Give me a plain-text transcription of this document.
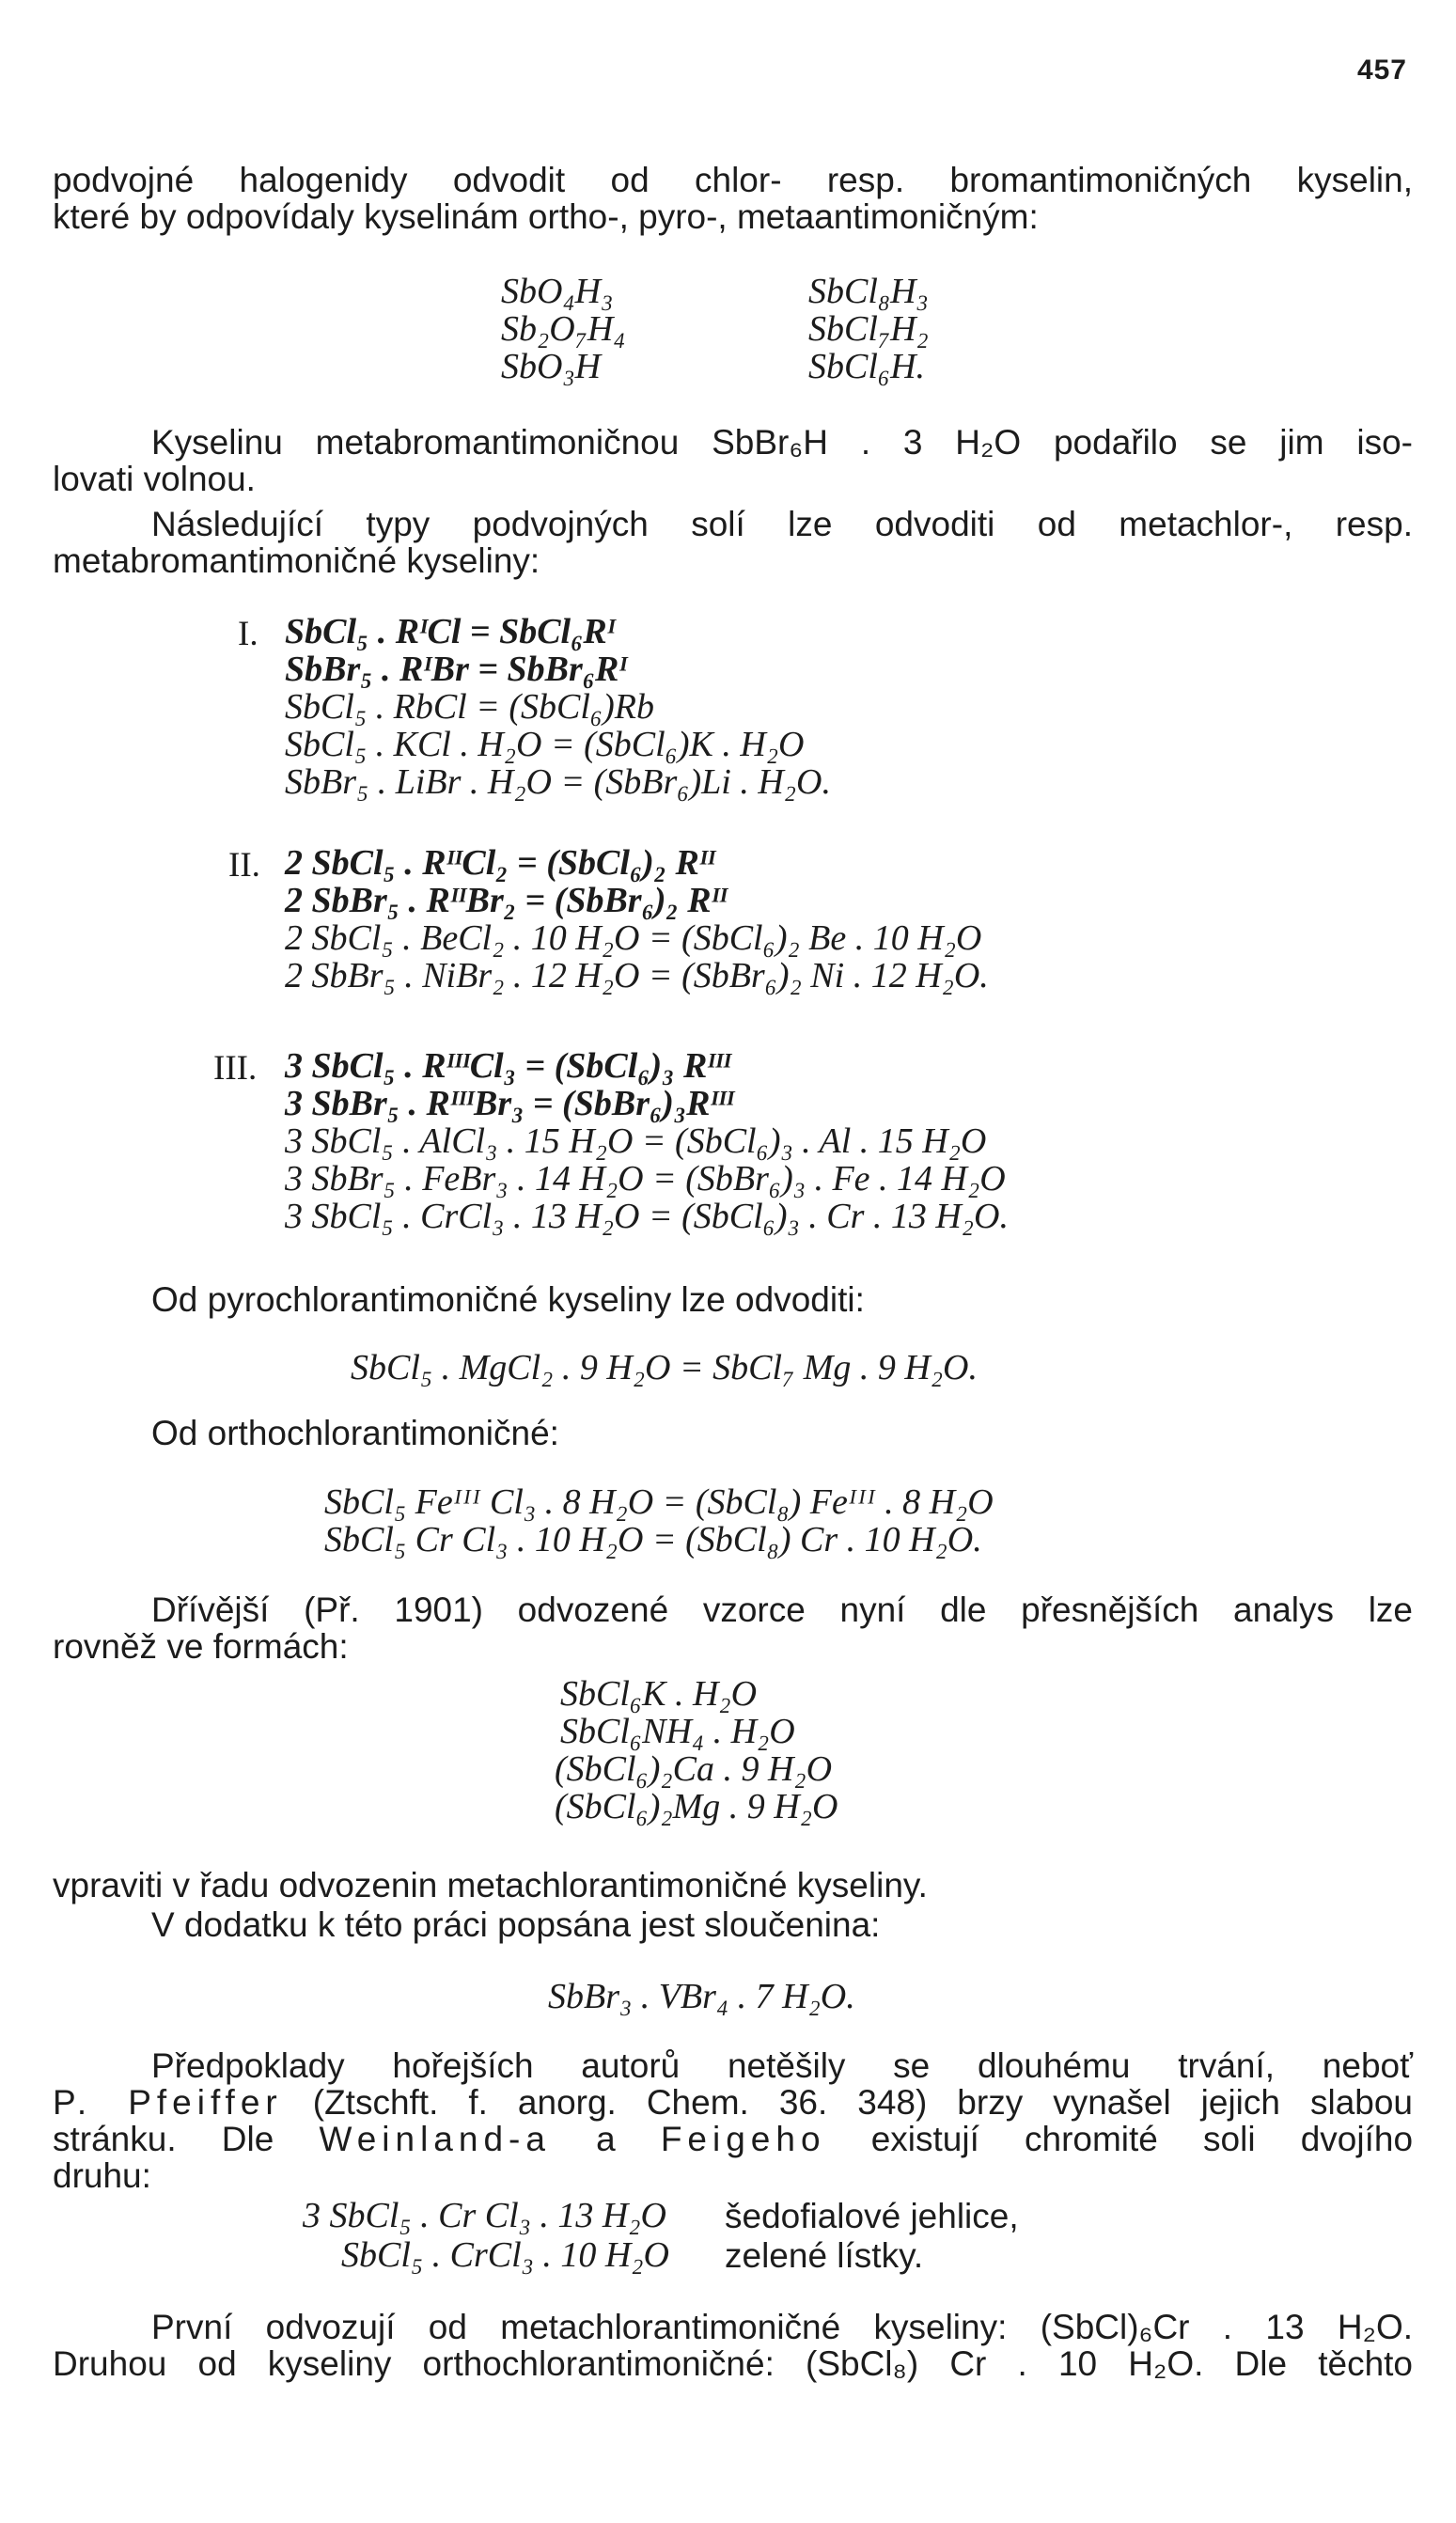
457
podvojné halogenidy odvodit od chlor- resp. bromantimoničných kyselin,
které by odpovídaly kyselinám ortho-, pyro-, metaantimoničným:
SbO₄H₃
Sb₂O₇H₄
SbO₃H
SbCl₈H₃
SbCl₇H₂
SbCl₆H.
Kyselinu metabromantimoničnou SbBr₆H . 3 H₂O podařilo se jim iso-
lovati volnou.
Následující typy podvojných solí lze odvoditi od metachlor-, resp.
metabromantimoničné kyseliny:
I. SbCl₅ . RᴵCl = SbCl₆Rᴵ
SbBr₅ . RᴵBr = SbBr₆Rᴵ
SbCl₅ . RbCl = (SbCl₆)Rb
SbCl₅ . KCl . H₂O = (SbCl₆)K . H₂O
SbBr₅ . LiBr . H₂O = (SbBr₆)Li . H₂O.
II. 2 SbCl₅ . RᴵᴵCl₂ = (SbCl₆)₂ Rᴵᴵ
2 SbBr₅ . RᴵᴵBr₂ = (SbBr₆)₂ Rᴵᴵ
2 SbCl₅ . BeCl₂ . 10 H₂O = (SbCl₆)₂ Be . 10 H₂O
2 SbBr₅ . NiBr₂ . 12 H₂O = (SbBr₆)₂ Ni . 12 H₂O.
III. 3 SbCl₅ . RᴵᴵᴵCl₃ = (SbCl₆)₃ Rᴵᴵᴵ
3 SbBr₅ . RᴵᴵᴵBr₃ = (SbBr₆)₃Rᴵᴵᴵ
3 SbCl₅ . AlCl₃ . 15 H₂O = (SbCl₆)₃ . Al . 15 H₂O
3 SbBr₅ . FeBr₃ . 14 H₂O = (SbBr₆)₃ . Fe . 14 H₂O
3 SbCl₅ . CrCl₃ . 13 H₂O = (SbCl₆)₃ . Cr . 13 H₂O.
Od pyrochlorantimoničné kyseliny lze odvoditi:
SbCl₅ . MgCl₂ . 9 H₂O = SbCl₇ Mg . 9 H₂O.
Od orthochlorantimoničné:
SbCl₅ Feᴵᴵᴵ Cl₃ . 8 H₂O = (SbCl₈) Feᴵᴵᴵ . 8 H₂O
SbCl₅ Cr Cl₃ . 10 H₂O = (SbCl₈) Cr . 10 H₂O.
Dřívější (Př. 1901) odvozené vzorce nyní dle přesnějších analys lze
rovněž ve formách:
SbCl₆K . H₂O
SbCl₆NH₄ . H₂O
(SbCl₆)₂Ca . 9 H₂O
(SbCl₆)₂Mg . 9 H₂O
vpraviti v řadu odvozenin metachlorantimoničné kyseliny.
V dodatku k této práci popsána jest sloučenina:
SbBr₃ . VBr₄ . 7 H₂O.
Předpoklady hořejších autorů netěšily se dlouhému trvání, neboť
P. Pfeiffer (Ztschft. f. anorg. Chem. 36. 348) brzy vynašel jejich slabou
stránku. Dle Weinland-a a Feigeho existují chromité soli dvojího
druhu:
3 SbCl₅ . Cr Cl₃ . 13 H₂O šedofialové jehlice,
SbCl₅ . CrCl₃ . 10 H₂O zelené lístky.
První odvozují od metachlorantimoničné kyseliny: (SbCl)₆Cr . 13 H₂O.
Druhou od kyseliny orthochlorantimoničné: (SbCl₈) Cr . 10 H₂O. Dle těchto
